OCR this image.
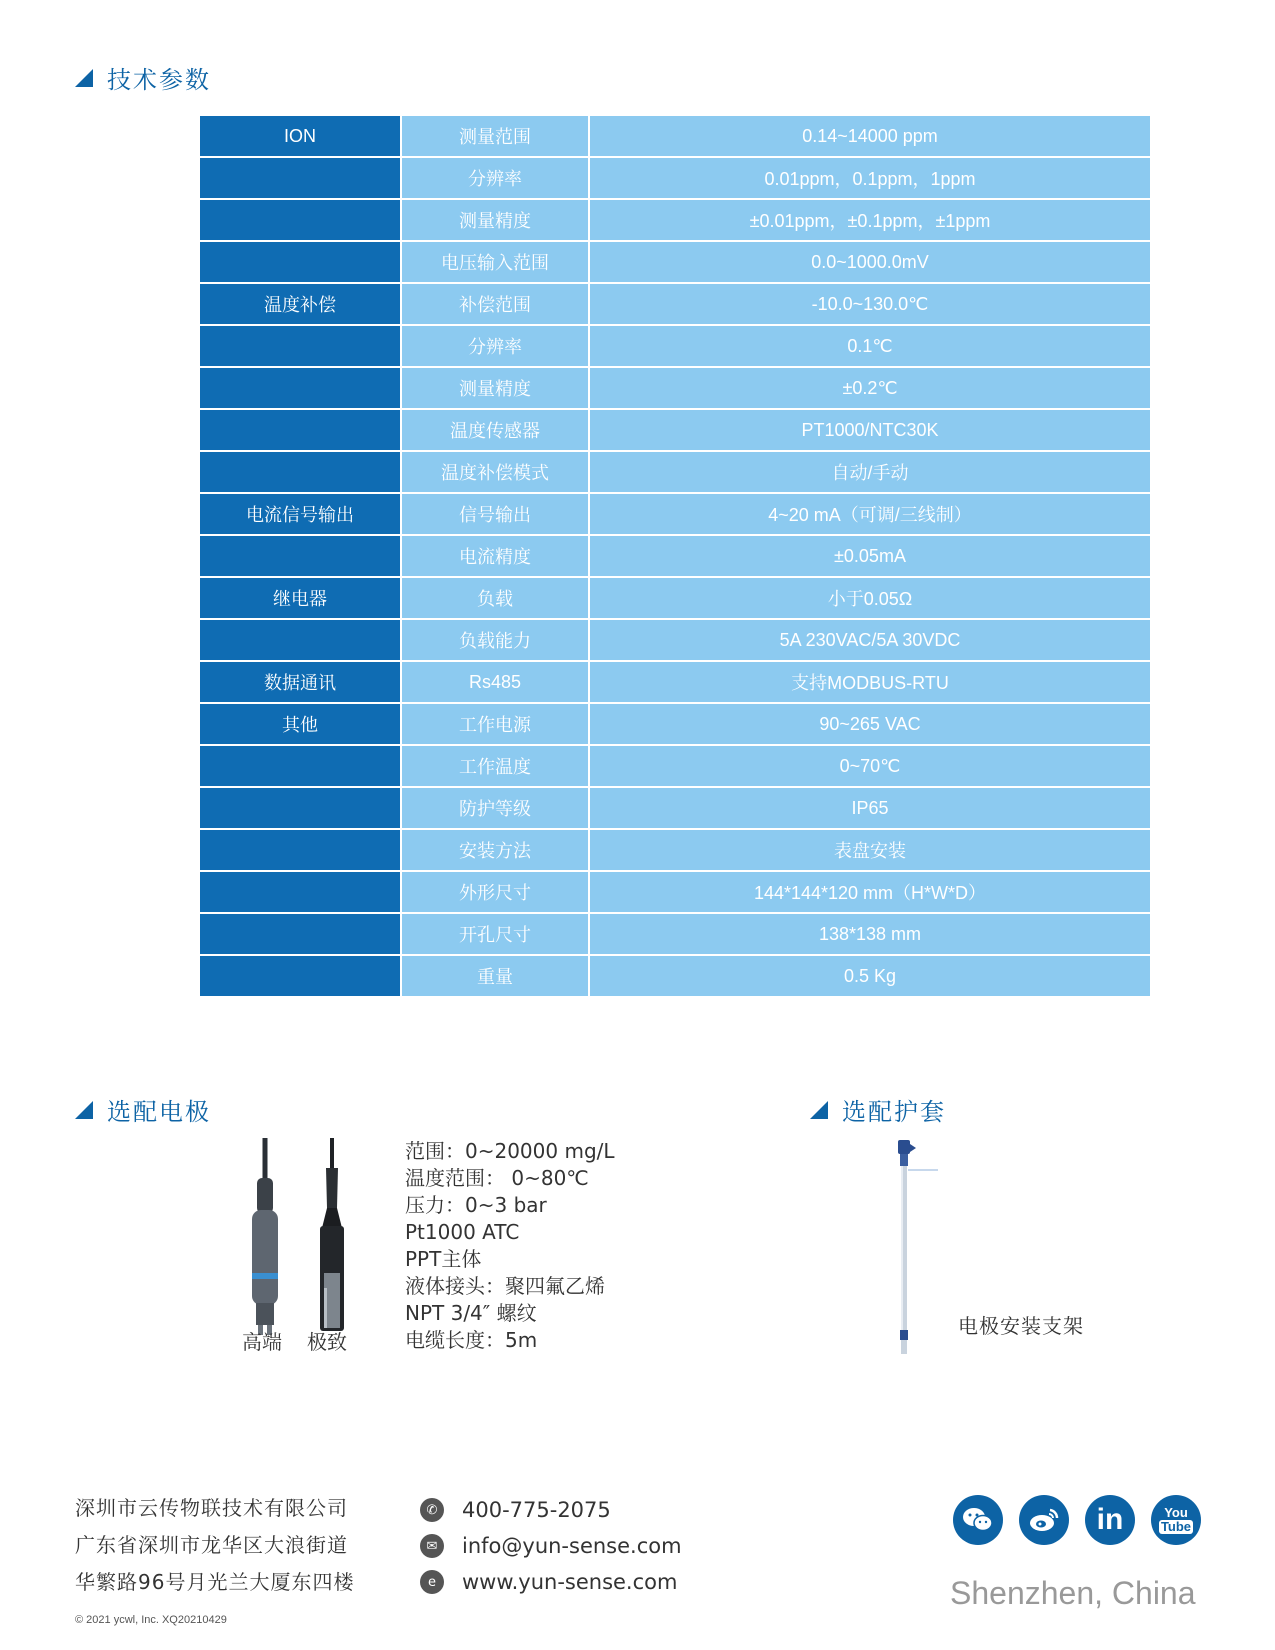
技术参数
ION	测量范围	0.14~14000 ppm
	分辨率	0.01ppm，0.1ppm，1ppm
	测量精度	±0.01ppm，±0.1ppm，±1ppm
	电压输入范围	0.0~1000.0mV
温度补偿	补偿范围	-10.0~130.0℃
	分辨率	0.1℃
	测量精度	±0.2℃
	温度传感器	PT1000/NTC30K
	温度补偿模式	自动/手动
电流信号输出	信号输出	4~20 mA（可调/三线制）
	电流精度	±0.05mA
继电器	负载	小于0.05Ω
	负载能力	5A 230VAC/5A 30VDC
数据通讯	Rs485	支持MODBUS-RTU
其他	工作电源	90~265 VAC
	工作温度	0~70℃
	防护等级	IP65
	安装方法	表盘安装
	外形尺寸	144*144*120 mm（H*W*D）
	开孔尺寸	138*138 mm
	重量	0.5 Kg
选配电极
高端 极致
范围：0~20000 mg/L
温度范围： 0~80℃
压力：0~3 bar
Pt1000 ATC
PPT主体
液体接头：聚四氟乙烯
NPT 3/4″ 螺纹
电缆长度：5m
选配护套
电极安装支架
深圳市云传物联技术有限公司
广东省深圳市龙华区大浪街道
华繁路96号月光兰大厦东四楼
✆	400-775-2075
✉	info@yun-sense.com
e	www.yun-sense.com
in	You
Tube
Shenzhen, China
© 2021 ycwl, Inc. XQ20210429
